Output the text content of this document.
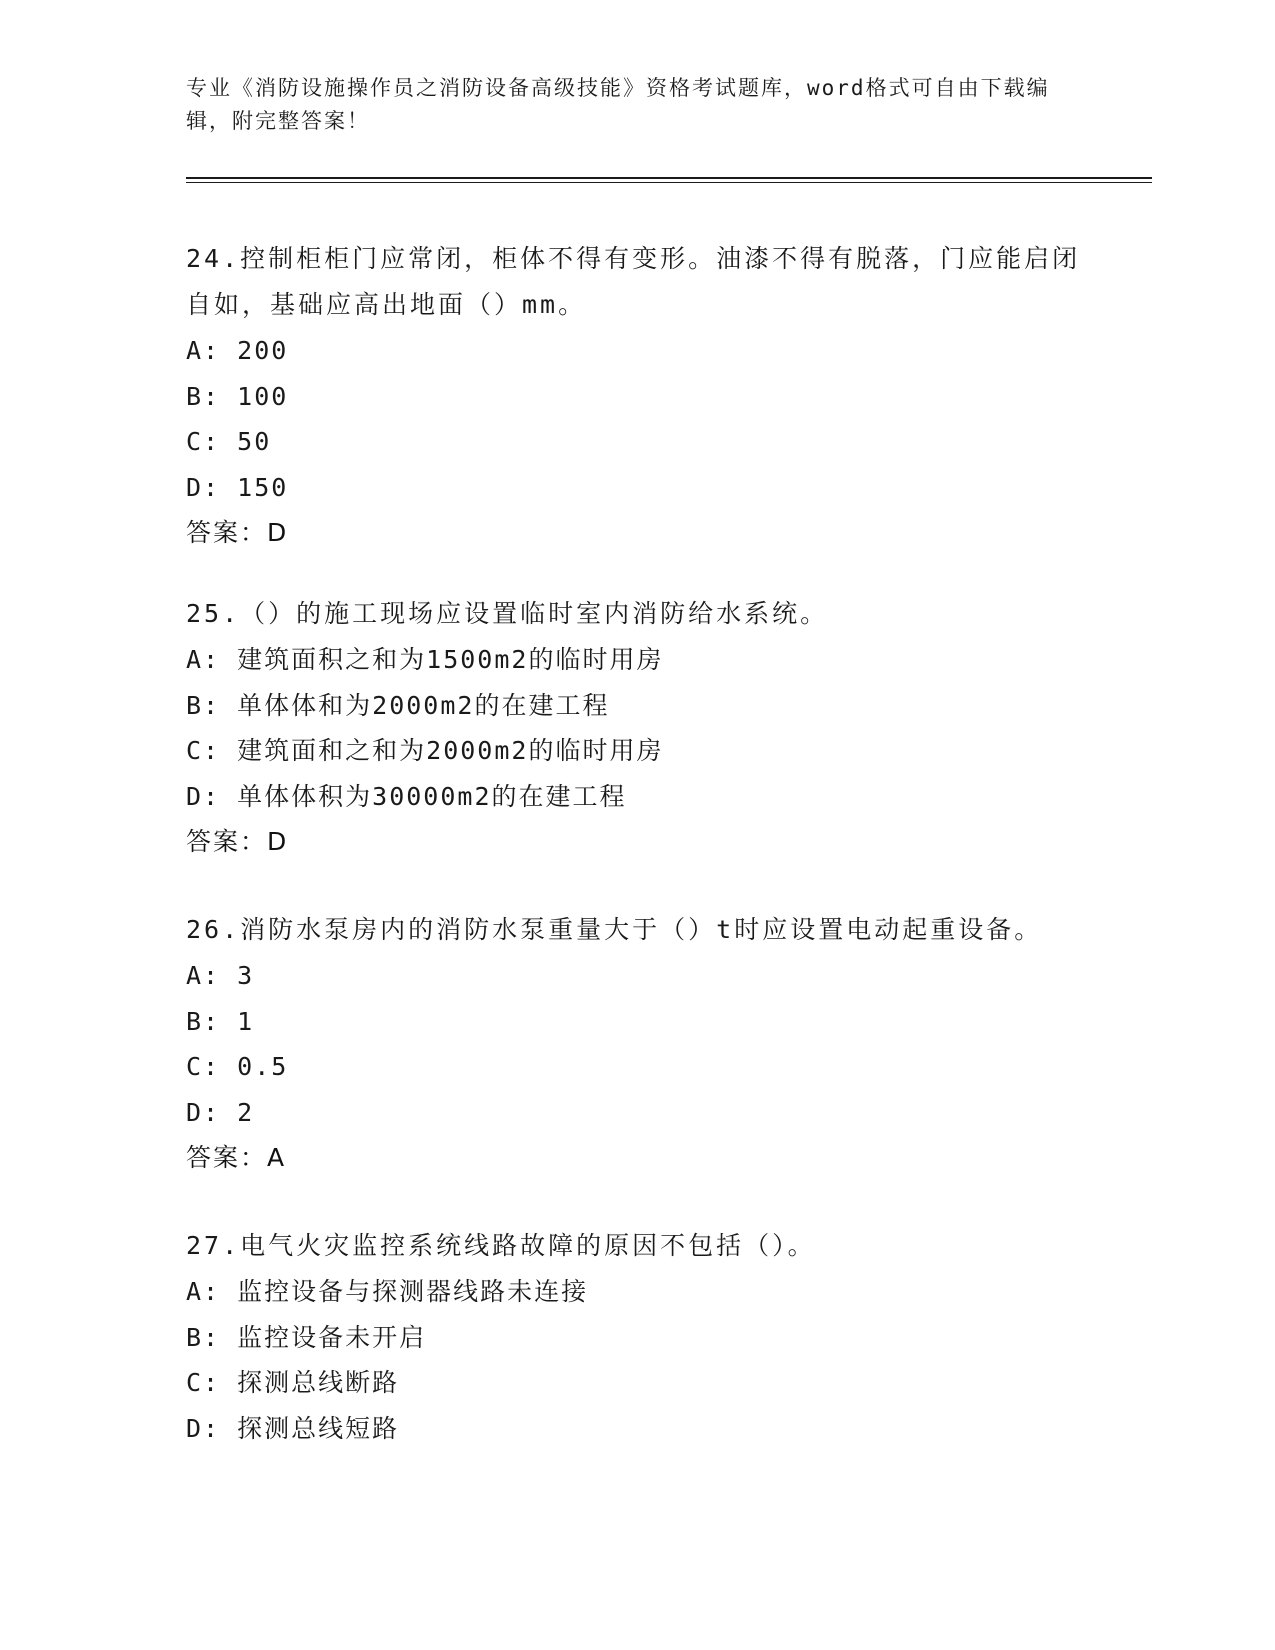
专业《消防设施操作员之消防设备高级技能》资格考试题库，word格式可自由下载编辑，附完整答案！

24.控制柜柜门应常闭，柜体不得有变形。油漆不得有脱落，门应能启闭自如，基础应高出地面（）mm。

A: 200

B: 100

C: 50

D: 150

答案：D

25.（）的施工现场应设置临时室内消防给水系统。

A: 建筑面积之和为1500m2的临时用房

B: 单体体和为2000m2的在建工程

C: 建筑面和之和为2000m2的临时用房

D: 单体体积为30000m2的在建工程

答案：D

26.消防水泵房内的消防水泵重量大于（）t时应设置电动起重设备。

A: 3

B: 1

C: 0.5

D: 2

答案：A

27.电气火灾监控系统线路故障的原因不包括（）。

A: 监控设备与探测器线路未连接

B: 监控设备未开启

C: 探测总线断路

D: 探测总线短路
